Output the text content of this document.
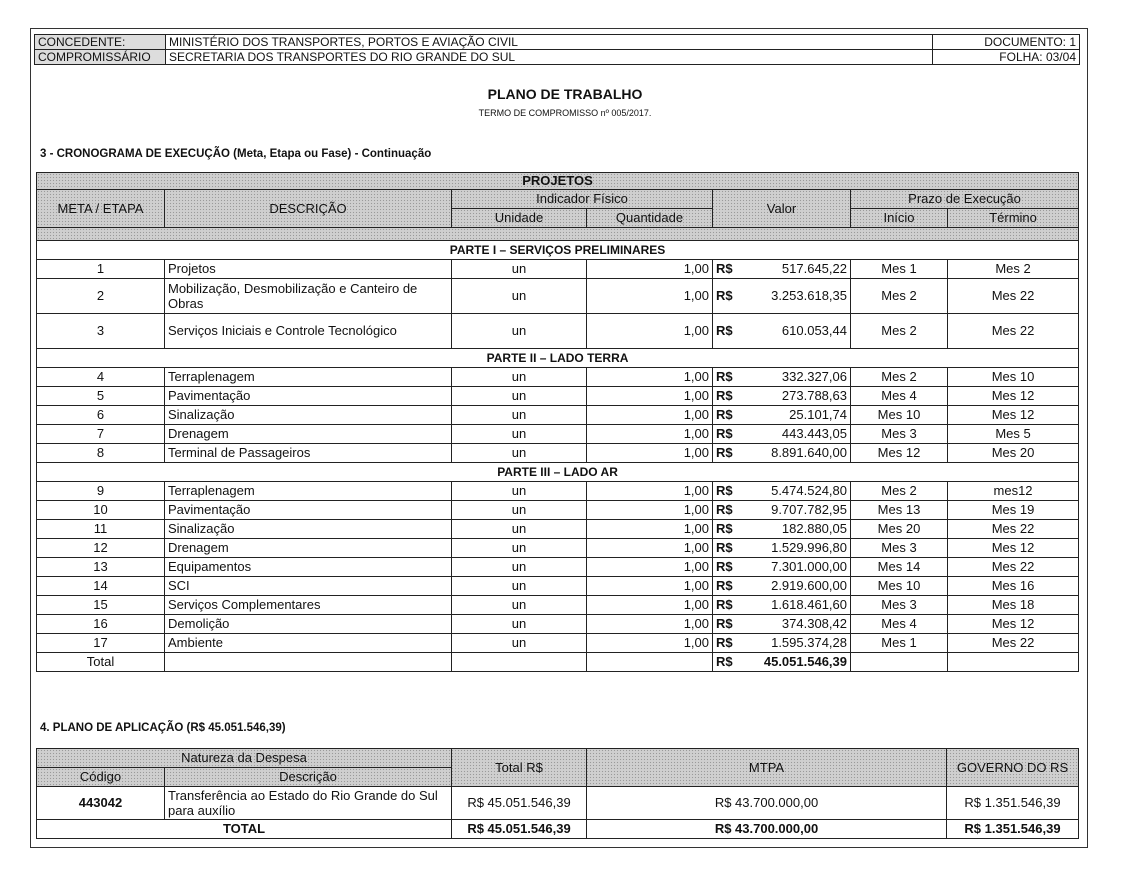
CONCEDENTE:	MINISTÉRIO DOS TRANSPORTES, PORTOS E AVIAÇÃO CIVIL	DOCUMENTO: 1
COMPROMISSÁRIO	SECRETARIA DOS TRANSPORTES DO RIO GRANDE DO SUL	FOLHA: 03/04
PLANO DE TRABALHO
TERMO DE COMPROMISSO nº 005/2017.
3 - CRONOGRAMA DE EXECUÇÃO (Meta, Etapa ou Fase) - Continuação
PROJETOS							
META / ETAPA	DESCRIÇÃO	Indicador Físico		Valor		Prazo de Execução	
		Unidade	Quantidade			Início	Término

PARTE I – SERVIÇOS PRELIMINARES							
1	Projetos	un	1,00	R$	517.645,22	Mes 1	Mes 2
2	Mobilização, Desmobilização e Canteiro de Obras	un	1,00	R$	3.253.618,35	Mes 2	Mes 22
3	Serviços Iniciais e Controle Tecnológico	un	1,00	R$	610.053,44	Mes 2	Mes 22
PARTE II – LADO TERRA							
4	Terraplenagem	un	1,00	R$	332.327,06	Mes 2	Mes 10
5	Pavimentação	un	1,00	R$	273.788,63	Mes 4	Mes 12
6	Sinalização	un	1,00	R$	25.101,74	Mes 10	Mes 12
7	Drenagem	un	1,00	R$	443.443,05	Mes 3	Mes 5
8	Terminal de Passageiros	un	1,00	R$	8.891.640,00	Mes 12	Mes 20
PARTE III – LADO AR							
9	Terraplenagem	un	1,00	R$	5.474.524,80	Mes 2	mes12
10	Pavimentação	un	1,00	R$	9.707.782,95	Mes 13	Mes 19
11	Sinalização	un	1,00	R$	182.880,05	Mes 20	Mes 22
12	Drenagem	un	1,00	R$	1.529.996,80	Mes 3	Mes 12
13	Equipamentos	un	1,00	R$	7.301.000,00	Mes 14	Mes 22
14	SCI	un	1,00	R$	2.919.600,00	Mes 10	Mes 16
15	Serviços Complementares	un	1,00	R$	1.618.461,60	Mes 3	Mes 18
16	Demolição	un	1,00	R$	374.308,42	Mes 4	Mes 12
17	Ambiente	un	1,00	R$	1.595.374,28	Mes 1	Mes 22
Total				R$	45.051.546,39		
4. PLANO DE APLICAÇÃO (R$ 45.051.546,39)
Natureza da Despesa		Total R$	MTPA	GOVERNO DO RS
Código	Descrição			
443042	Transferência ao Estado do Rio Grande do Sul para auxílio	R$ 45.051.546,39	R$ 43.700.000,00	R$ 1.351.546,39
TOTAL		R$ 45.051.546,39	R$ 43.700.000,00	R$ 1.351.546,39
